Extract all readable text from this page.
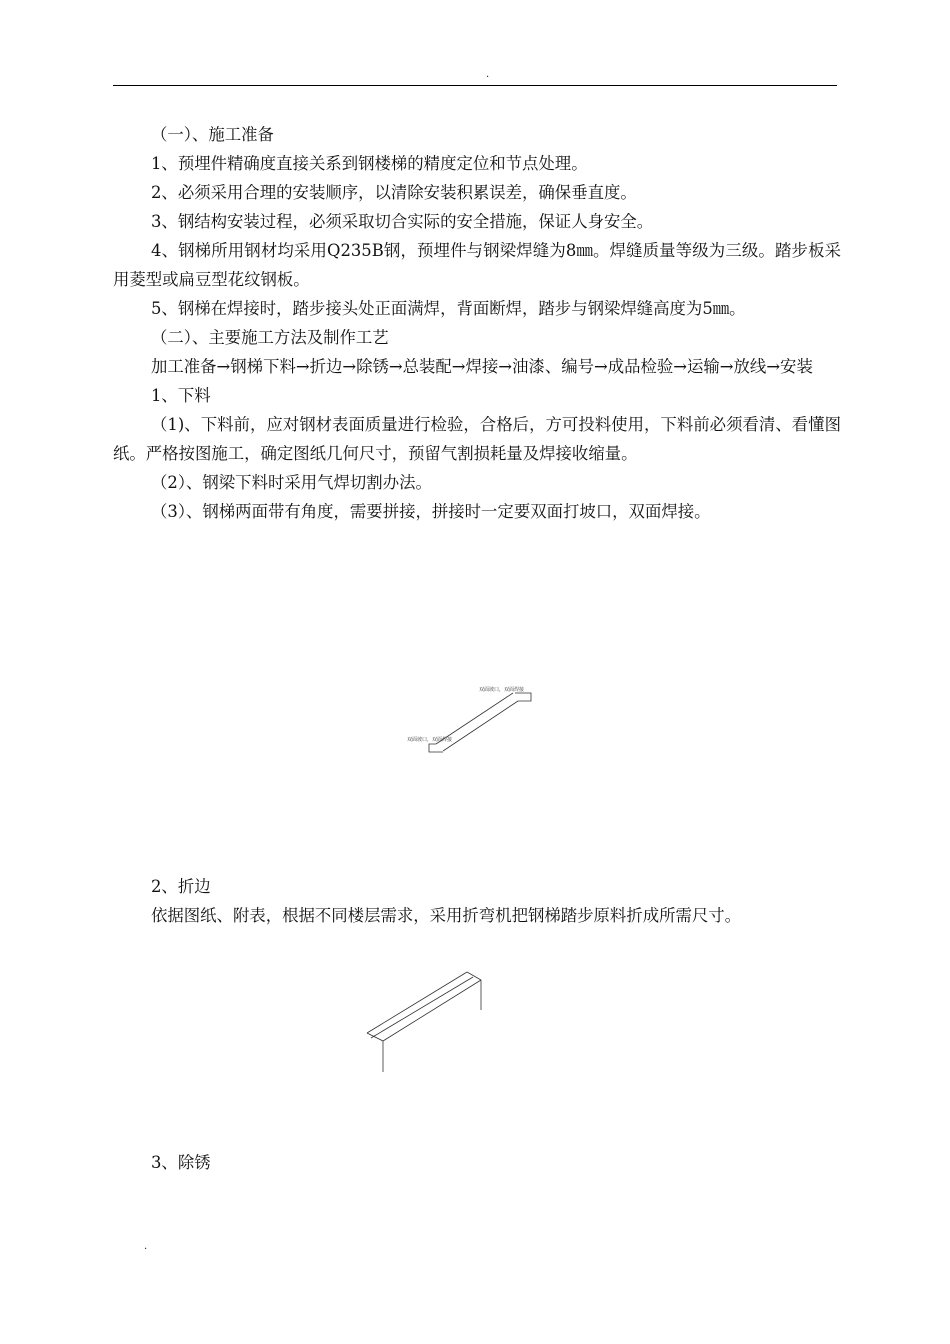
.

（一）、施工准备

1、预埋件精确度直接关系到钢楼梯的精度定位和节点处理。

2、必须采用合理的安装顺序，以清除安装积累误差，确保垂直度。

3、钢结构安装过程，必须采取切合实际的安全措施，保证人身安全。

4、钢梯所用钢材均采用Q235B钢，预埋件与钢梁焊缝为8㎜。焊缝质量等级为三级。踏步板采用菱型或扁豆型花纹钢板。

5、钢梯在焊接时，踏步接头处正面满焊，背面断焊，踏步与钢梁焊缝高度为5㎜。

（二）、主要施工方法及制作工艺

加工准备→钢梯下料→折边→除锈→总装配→焊接→油漆、编号→成品检验→运输→放线→安装

1、下料

（1)、下料前，应对钢材表面质量进行检验，合格后，方可投料使用，下料前必须看清、看懂图纸。严格按图施工，确定图纸几何尺寸，预留气割损耗量及焊接收缩量。

（2）、钢梁下料时采用气焊切割办法。

（3）、钢梯两面带有角度，需要拼接，拼接时一定要双面打坡口，双面焊接。

双面坡口，双面焊接
双面坡口，双面焊接

2、折边

依据图纸、附表，根据不同楼层需求，采用折弯机把钢梯踏步原料折成所需尺寸。

3、除锈

.
